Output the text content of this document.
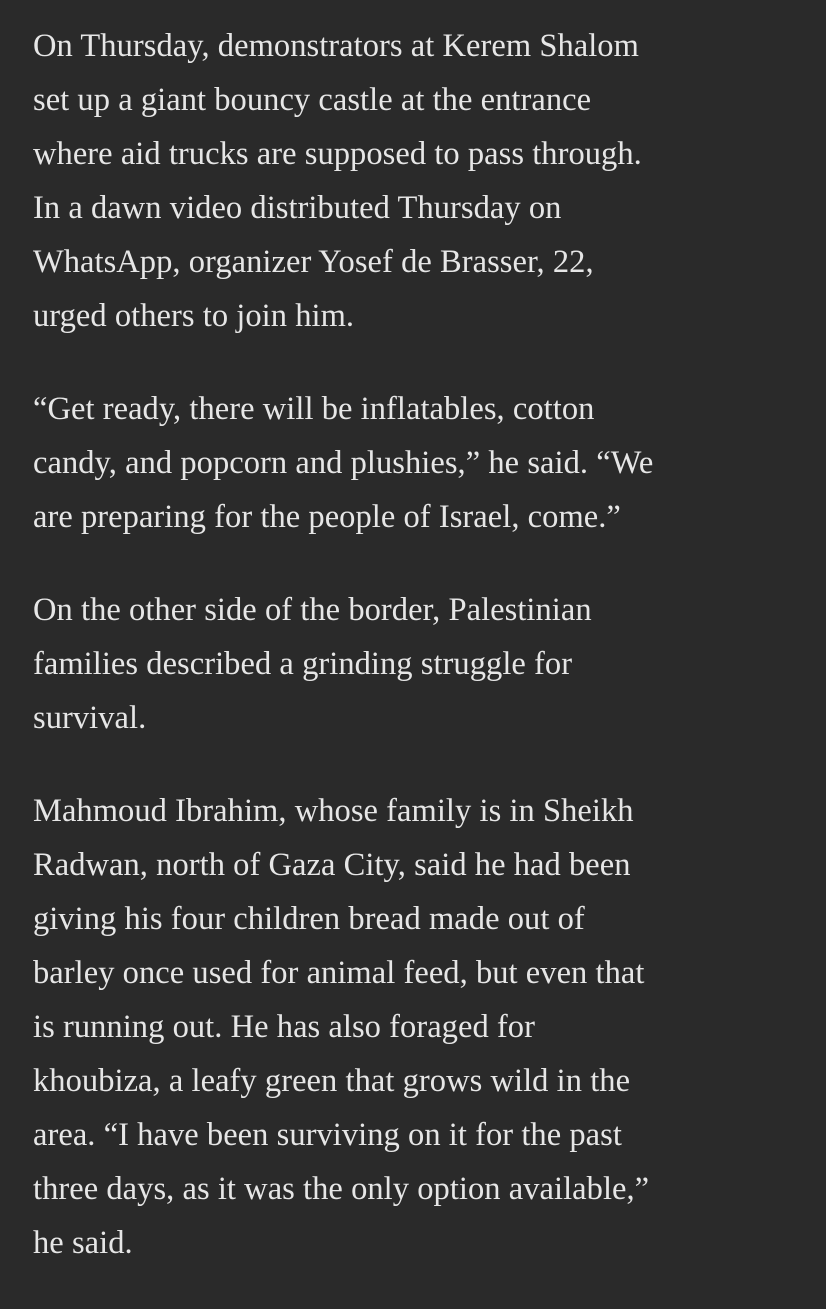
On Thursday, demonstrators at Kerem Shalom
set up a giant bouncy castle at the entrance
where aid trucks are supposed to pass through.
In a dawn video distributed Thursday on
WhatsApp, organizer Yosef de Brasser, 22,
urged others to join him.

“Get ready, there will be inflatables, cotton
candy, and popcorn and plushies,” he said. “We
are preparing for the people of Israel, come.”

On the other side of the border, Palestinian
families described a grinding struggle for
survival.

Mahmoud Ibrahim, whose family is in Sheikh
Radwan, north of Gaza City, said he had been
giving his four children bread made out of
barley once used for animal feed, but even that
is running out. He has also foraged for
khoubiza, a leafy green that grows wild in the
area. “I have been surviving on it for the past
three days, as it was the only option available,”
he said.
